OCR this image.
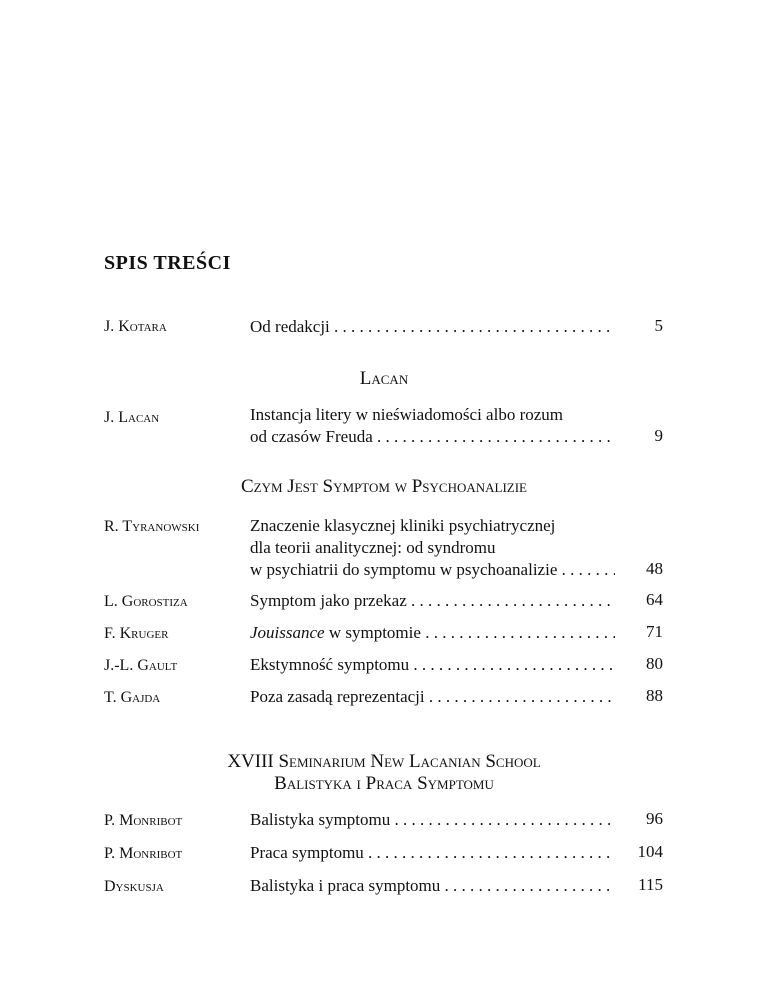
SPIS TREŚCI
J. Kotara	Od redakcji . . .	5
Lacan
J. Lacan	Instancja litery w nieświadomości albo rozum
od czasów Freuda . . .	9
Czym Jest Symptom w Psychoanalizie
R. Tyranowski	Znaczenie klasycznej kliniki psychiatrycznej
dla teorii analitycznej: od syndromu
w psychiatrii do symptomu w psychoanalizie . . .	48
L. Gorostiza	Symptom jako przekaz . . .	64
F. Kruger	Jouissance w symptomie . . .	71
J.-L. Gault	Ekstymność symptomu . . .	80
T. Gajda	Poza zasadą reprezentacji . . .	88
XVIII Seminarium New Lacanian School
Balistyka i Praca Symptomu
P. Monribot	Balistyka symptomu . . .	96
P. Monribot	Praca symptomu . . .	104
Dyskusja	Balistyka i praca symptomu . . .	115
